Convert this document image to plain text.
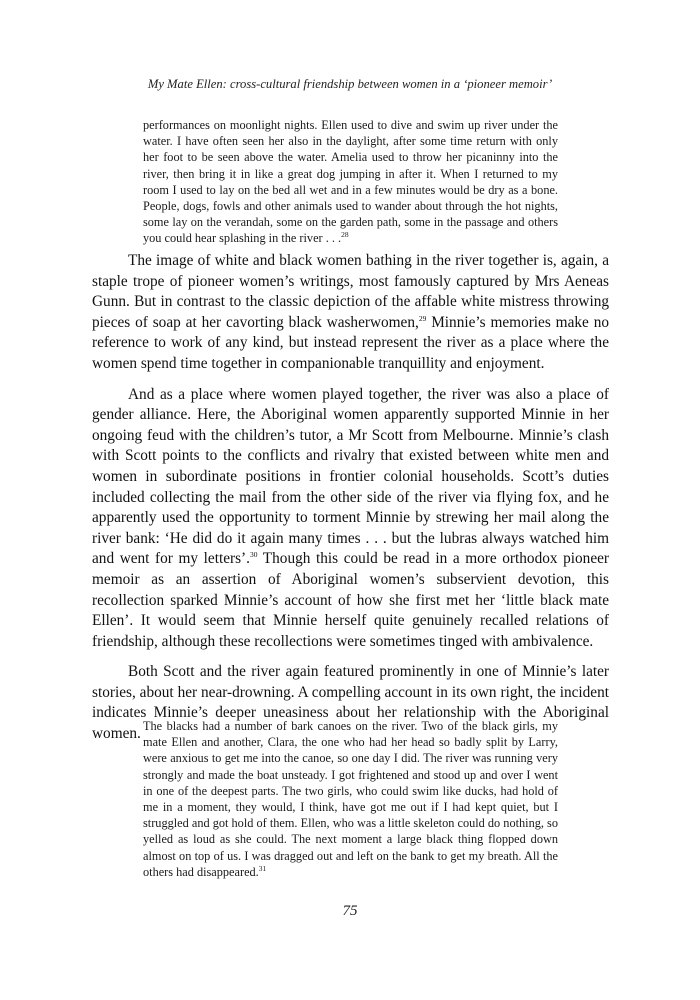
My Mate Ellen: cross-cultural friendship between women in a ‘pioneer memoir’
performances on moonlight nights. Ellen used to dive and swim up river under the water. I have often seen her also in the daylight, after some time return with only her foot to be seen above the water. Amelia used to throw her picaninny into the river, then bring it in like a great dog jumping in after it. When I returned to my room I used to lay on the bed all wet and in a few minutes would be dry as a bone. People, dogs, fowls and other animals used to wander about through the hot nights, some lay on the verandah, some on the garden path, some in the passage and others you could hear splashing in the river . . .$^{28}$

The image of white and black women bathing in the river together is, again, a staple trope of pioneer women’s writings, most famously captured by Mrs Aeneas Gunn. But in contrast to the classic depiction of the affable white mistress throwing pieces of soap at her cavorting black washerwomen,$^{29}$ Minnie’s memories make no reference to work of any kind, but instead represent the river as a place where the women spend time together in companionable tranquillity and enjoyment.

And as a place where women played together, the river was also a place of gender alliance. Here, the Aboriginal women apparently supported Minnie in her ongoing feud with the children’s tutor, a Mr Scott from Melbourne. Minnie’s clash with Scott points to the conflicts and rivalry that existed between white men and women in subordinate positions in frontier colonial households. Scott’s duties included collecting the mail from the other side of the river via flying fox, and he apparently used the opportunity to torment Minnie by strewing her mail along the river bank: ‘He did do it again many times . . . but the lubras always watched him and went for my letters’.$^{30}$ Though this could be read in a more orthodox pioneer memoir as an assertion of Aboriginal women’s subservient devotion, this recollection sparked Minnie’s account of how she first met her ‘little black mate Ellen’. It would seem that Minnie herself quite genuinely recalled relations of friendship, although these recollections were sometimes tinged with ambivalence.

Both Scott and the river again featured prominently in one of Minnie’s later stories, about her near-drowning. A compelling account in its own right, the incident indicates Minnie’s deeper uneasiness about her relationship with the Aboriginal women. The blacks had a number of bark canoes on the river. Two of the black girls, my mate Ellen and another, Clara, the one who had her head so badly split by Larry, were anxious to get me into the canoe, so one day I did. The river was running very strongly and made the boat unsteady. I got frightened and stood up and over I went in one of the deepest parts. The two girls, who could swim like ducks, had hold of me in a moment, they would, I think, have got me out if I had kept quiet, but I struggled and got hold of them. Ellen, who was a little skeleton could do nothing, so yelled as loud as she could. The next moment a large black thing flopped down almost on top of us. I was dragged out and left on the bank to get my breath. All the others had disappeared.$^{31}$
75
